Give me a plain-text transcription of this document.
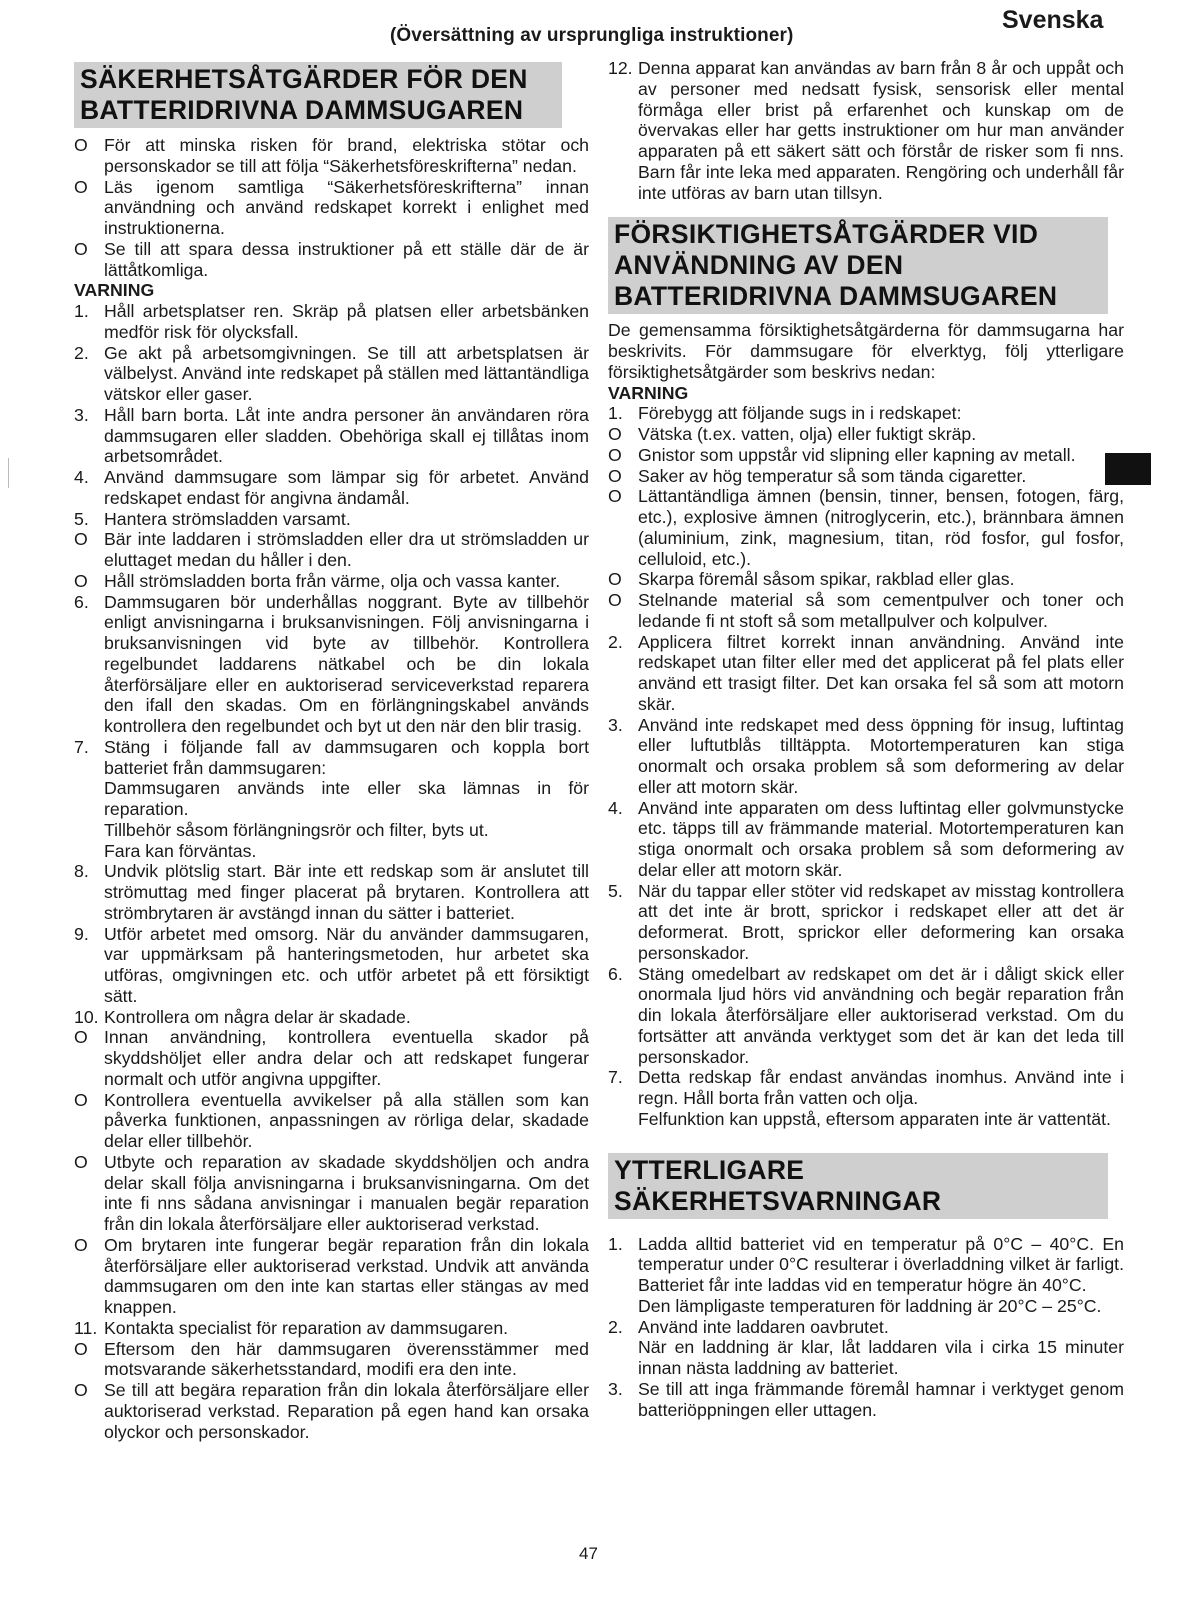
(Översättning av ursprungliga instruktioner)
Svenska
SÄKERHETSÅTGÄRDER FÖR DEN BATTERIDRIVNA DAMMSUGAREN
O För att minska risken för brand, elektriska stötar och personskador se till att följa “Säkerhetsföreskrifterna” nedan.
O Läs igenom samtliga “Säkerhetsföreskrifterna” innan användning och använd redskapet korrekt i enlighet med instruktionerna.
O Se till att spara dessa instruktioner på ett ställe där de är lättåtkomliga.
VARNING
1. Håll arbetsplatser ren. Skräp på platsen eller arbetsbänken medför risk för olycksfall.
2. Ge akt på arbetsomgivningen. Se till att arbetsplatsen är välbelyst. Använd inte redskapet på ställen med lättantändliga vätskor eller gaser.
3. Håll barn borta. Låt inte andra personer än användaren röra dammsugaren eller sladden. Obehöriga skall ej tillåtas inom arbetsområdet.
4. Använd dammsugare som lämpar sig för arbetet. Använd redskapet endast för angivna ändamål.
5. Hantera strömsladden varsamt.
O Bär inte laddaren i strömsladden eller dra ut strömsladden ur eluttaget medan du håller i den.
O Håll strömsladden borta från värme, olja och vassa kanter.
6. Dammsugaren bör underhållas noggrant. Byte av tillbehör enligt anvisningarna i bruksanvisningen. Följ anvisningarna i bruksanvisningen vid byte av tillbehör. Kontrollera regelbundet laddarens nätkabel och be din lokala återförsäljare eller en auktoriserad serviceverkstad reparera den ifall den skadas. Om en förlängningskabel används kontrollera den regelbundet och byt ut den när den blir trasig.
7. Stäng i följande fall av dammsugaren och koppla bort batteriet från dammsugaren:
Dammsugaren används inte eller ska lämnas in för reparation.
Tillbehör såsom förlängningsrör och filter, byts ut.
Fara kan förväntas.
8. Undvik plötslig start. Bär inte ett redskap som är anslutet till strömuttag med finger placerat på brytaren. Kontrollera att strömbrytaren är avstängd innan du sätter i batteriet.
9. Utför arbetet med omsorg. När du använder dammsugaren, var uppmärksam på hanteringsmetoden, hur arbetet ska utföras, omgivningen etc. och utför arbetet på ett försiktigt sätt.
10. Kontrollera om några delar är skadade.
O Innan användning, kontrollera eventuella skador på skyddshöljet eller andra delar och att redskapet fungerar normalt och utför angivna uppgifter.
O Kontrollera eventuella avvikelser på alla ställen som kan påverka funktionen, anpassningen av rörliga delar, skadade delar eller tillbehör.
O Utbyte och reparation av skadade skyddshöljen och andra delar skall följa anvisningarna i bruksanvisningarna. Om det inte fi nns sådana anvisningar i manualen begär reparation från din lokala återförsäljare eller auktoriserad verkstad.
O Om brytaren inte fungerar begär reparation från din lokala återförsäljare eller auktoriserad verkstad. Undvik att använda dammsugaren om den inte kan startas eller stängas av med knappen.
11. Kontakta specialist för reparation av dammsugaren.
O Eftersom den här dammsugaren överensstämmer med motsvarande säkerhetsstandard, modifi era den inte.
O Se till att begära reparation från din lokala återförsäljare eller auktoriserad verkstad. Reparation på egen hand kan orsaka olyckor och personskador.
12. Denna apparat kan användas av barn från 8 år och uppåt och av personer med nedsatt fysisk, sensorisk eller mental förmåga eller brist på erfarenhet och kunskap om de övervakas eller har getts instruktioner om hur man använder apparaten på ett säkert sätt och förstår de risker som fi nns. Barn får inte leka med apparaten. Rengöring och underhåll får inte utföras av barn utan tillsyn.
FÖRSIKTIGHETSÅTGÄRDER VID ANVÄNDNING AV DEN BATTERIDRIVNA DAMMSUGAREN
De gemensamma försiktighetsåtgärderna för dammsugarna har beskrivits. För dammsugare för elverktyg, följ ytterligare försiktighetsåtgärder som beskrivs nedan:
VARNING
1. Förebygg att följande sugs in i redskapet:
O Vätska (t.ex. vatten, olja) eller fuktigt skräp.
O Gnistor som uppstår vid slipning eller kapning av metall.
O Saker av hög temperatur så som tända cigaretter.
O Lättantändliga ämnen (bensin, tinner, bensen, fotogen, färg, etc.), explosive ämnen (nitroglycerin, etc.), brännbara ämnen (aluminium, zink, magnesium, titan, röd fosfor, gul fosfor, celluloid, etc.).
O Skarpa föremål såsom spikar, rakblad eller glas.
O Stelnande material så som cementpulver och toner och ledande fi nt stoft så som metallpulver och kolpulver.
2. Applicera filtret korrekt innan användning. Använd inte redskapet utan filter eller med det applicerat på fel plats eller använd ett trasigt filter. Det kan orsaka fel så som att motorn skär.
3. Använd inte redskapet med dess öppning för insug, luftintag eller luftutblås tilltäppta. Motortemperaturen kan stiga onormalt och orsaka problem så som deformering av delar eller att motorn skär.
4. Använd inte apparaten om dess luftintag eller golvmunstycke etc. täpps till av främmande material. Motortemperaturen kan stiga onormalt och orsaka problem så som deformering av delar eller att motorn skär.
5. När du tappar eller stöter vid redskapet av misstag kontrollera att det inte är brott, sprickor i redskapet eller att det är deformerat. Brott, sprickor eller deformering kan orsaka personskador.
6. Stäng omedelbart av redskapet om det är i dåligt skick eller onormala ljud hörs vid användning och begär reparation från din lokala återförsäljare eller auktoriserad verkstad. Om du fortsätter att använda verktyget som det är kan det leda till personskador.
7. Detta redskap får endast användas inomhus. Använd inte i regn. Håll borta från vatten och olja.
Felfunktion kan uppstå, eftersom apparaten inte är vattentät.
YTTERLIGARE SÄKERHETSVARNINGAR
1. Ladda alltid batteriet vid en temperatur på 0°C – 40°C. En temperatur under 0°C resulterar i överladdning vilket är farligt. Batteriet får inte laddas vid en temperatur högre än 40°C.
Den lämpligaste temperaturen för laddning är 20°C – 25°C.
2. Använd inte laddaren oavbrutet.
När en laddning är klar, låt laddaren vila i cirka 15 minuter innan nästa laddning av batteriet.
3. Se till att inga främmande föremål hamnar i verktyget genom batteriöppningen eller uttagen.
47
